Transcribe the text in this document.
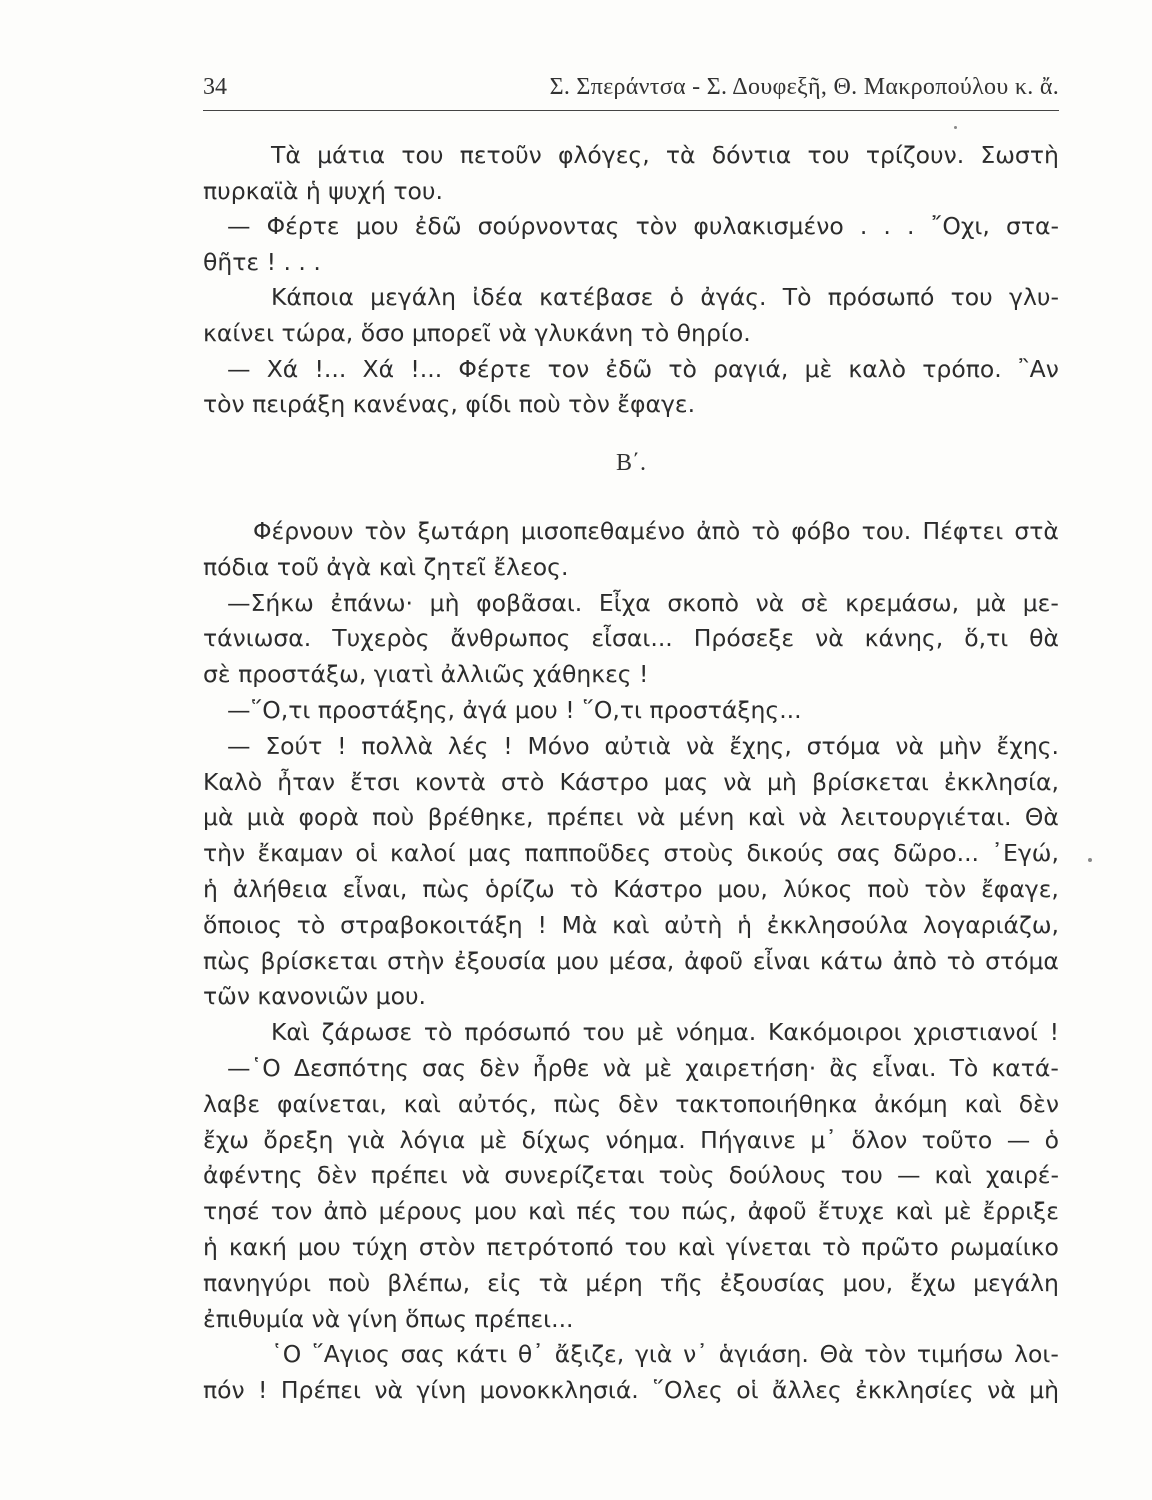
34	Σ. Σπεράντσα - Σ. Δουφεξῆ, Θ. Μακροπούλου κ. ἄ.
Τὰ μάτια του πετοῦν φλόγες, τὰ δόντια του τρίζουν. Σωστὴ
πυρκαϊὰ ἡ ψυχή του.
— Φέρτε μου ἐδῶ σούρνοντας τὸν φυλακισμένο . . . ῎Οχι, στα-
θῆτε ! . . .
Κάποια μεγάλη ἰδέα κατέβασε ὁ ἀγάς. Τὸ πρόσωπό του γλυ-
καίνει τώρα, ὅσο μπορεῖ νὰ γλυκάνη τὸ θηρίο.
— Χά !... Χά !... Φέρτε τον ἐδῶ τὸ ραγιά, μὲ καλὸ τρόπο. ῍Αν
τὸν πειράξη κανένας, φίδι ποὺ τὸν ἔφαγε.
Β΄.
Φέρνουν τὸν ξωτάρη μισοπεθαμένο ἀπὸ τὸ φόβο του. Πέφτει στὰ
πόδια τοῦ ἀγὰ καὶ ζητεῖ ἔλεος.
—Σήκω ἐπάνω· μὴ φοβᾶσαι. Εἶχα σκοπὸ νὰ σὲ κρεμάσω, μὰ με-
τάνιωσα. Τυχερὸς ἄνθρωπος εἶσαι... Πρόσεξε νὰ κάνης, ὅ,τι θὰ
σὲ προστάξω, γιατὶ ἀλλιῶς χάθηκες !
—῞Ο,τι προστάξης, ἀγά μου ! ῞Ο,τι προστάξης...
— Σούτ ! πολλὰ λές ! Μόνο αὐτιὰ νὰ ἔχης, στόμα νὰ μὴν ἔχης.
Καλὸ ἦταν ἔτσι κοντὰ στὸ Κάστρο μας νὰ μὴ βρίσκεται ἐκκλησία,
μὰ μιὰ φορὰ ποὺ βρέθηκε, πρέπει νὰ μένη καὶ νὰ λειτουργιέται. Θὰ
τὴν ἔκαμαν οἱ καλοί μας παπποῦδες στοὺς δικούς σας δῶρο... ᾿Εγώ,
ἡ ἀλήθεια εἶναι, πὼς ὁρίζω τὸ Κάστρο μου, λύκος ποὺ τὸν ἔφαγε,
ὅποιος τὸ στραβοκοιτάξη ! Μὰ καὶ αὐτὴ ἡ ἐκκλησούλα λογαριάζω,
πὼς βρίσκεται στὴν ἐξουσία μου μέσα, ἀφοῦ εἶναι κάτω ἀπὸ τὸ στόμα
τῶν κανονιῶν μου.
Καὶ ζάρωσε τὸ πρόσωπό του μὲ νόημα. Κακόμοιροι χριστιανοί !
—῾Ο Δεσπότης σας δὲν ἦρθε νὰ μὲ χαιρετήση· ἂς εἶναι. Τὸ κατά-
λαβε φαίνεται, καὶ αὐτός, πὼς δὲν τακτοποιήθηκα ἀκόμη καὶ δὲν
ἔχω ὄρεξη γιὰ λόγια μὲ δίχως νόημα. Πήγαινε μ᾿ ὅλον τοῦτο — ὁ
ἀφέντης δὲν πρέπει νὰ συνερίζεται τοὺς δούλους του — καὶ χαιρέ-
τησέ τον ἀπὸ μέρους μου καὶ πές του πώς, ἀφοῦ ἔτυχε καὶ μὲ ἔρριξε
ἡ κακή μου τύχη στὸν πετρότοπό του καὶ γίνεται τὸ πρῶτο ρωμαίικο
πανηγύρι ποὺ βλέπω, εἰς τὰ μέρη τῆς ἐξουσίας μου, ἔχω μεγάλη
ἐπιθυμία νὰ γίνη ὅπως πρέπει...
῾Ο ῞Αγιος σας κάτι θ᾿ ἄξιζε, γιὰ ν᾿ ἁγιάση. Θὰ τὸν τιμήσω λοι-
πόν ! Πρέπει νὰ γίνη μονοκκλησιά. ῞Ολες οἱ ἄλλες ἐκκλησίες νὰ μὴ
